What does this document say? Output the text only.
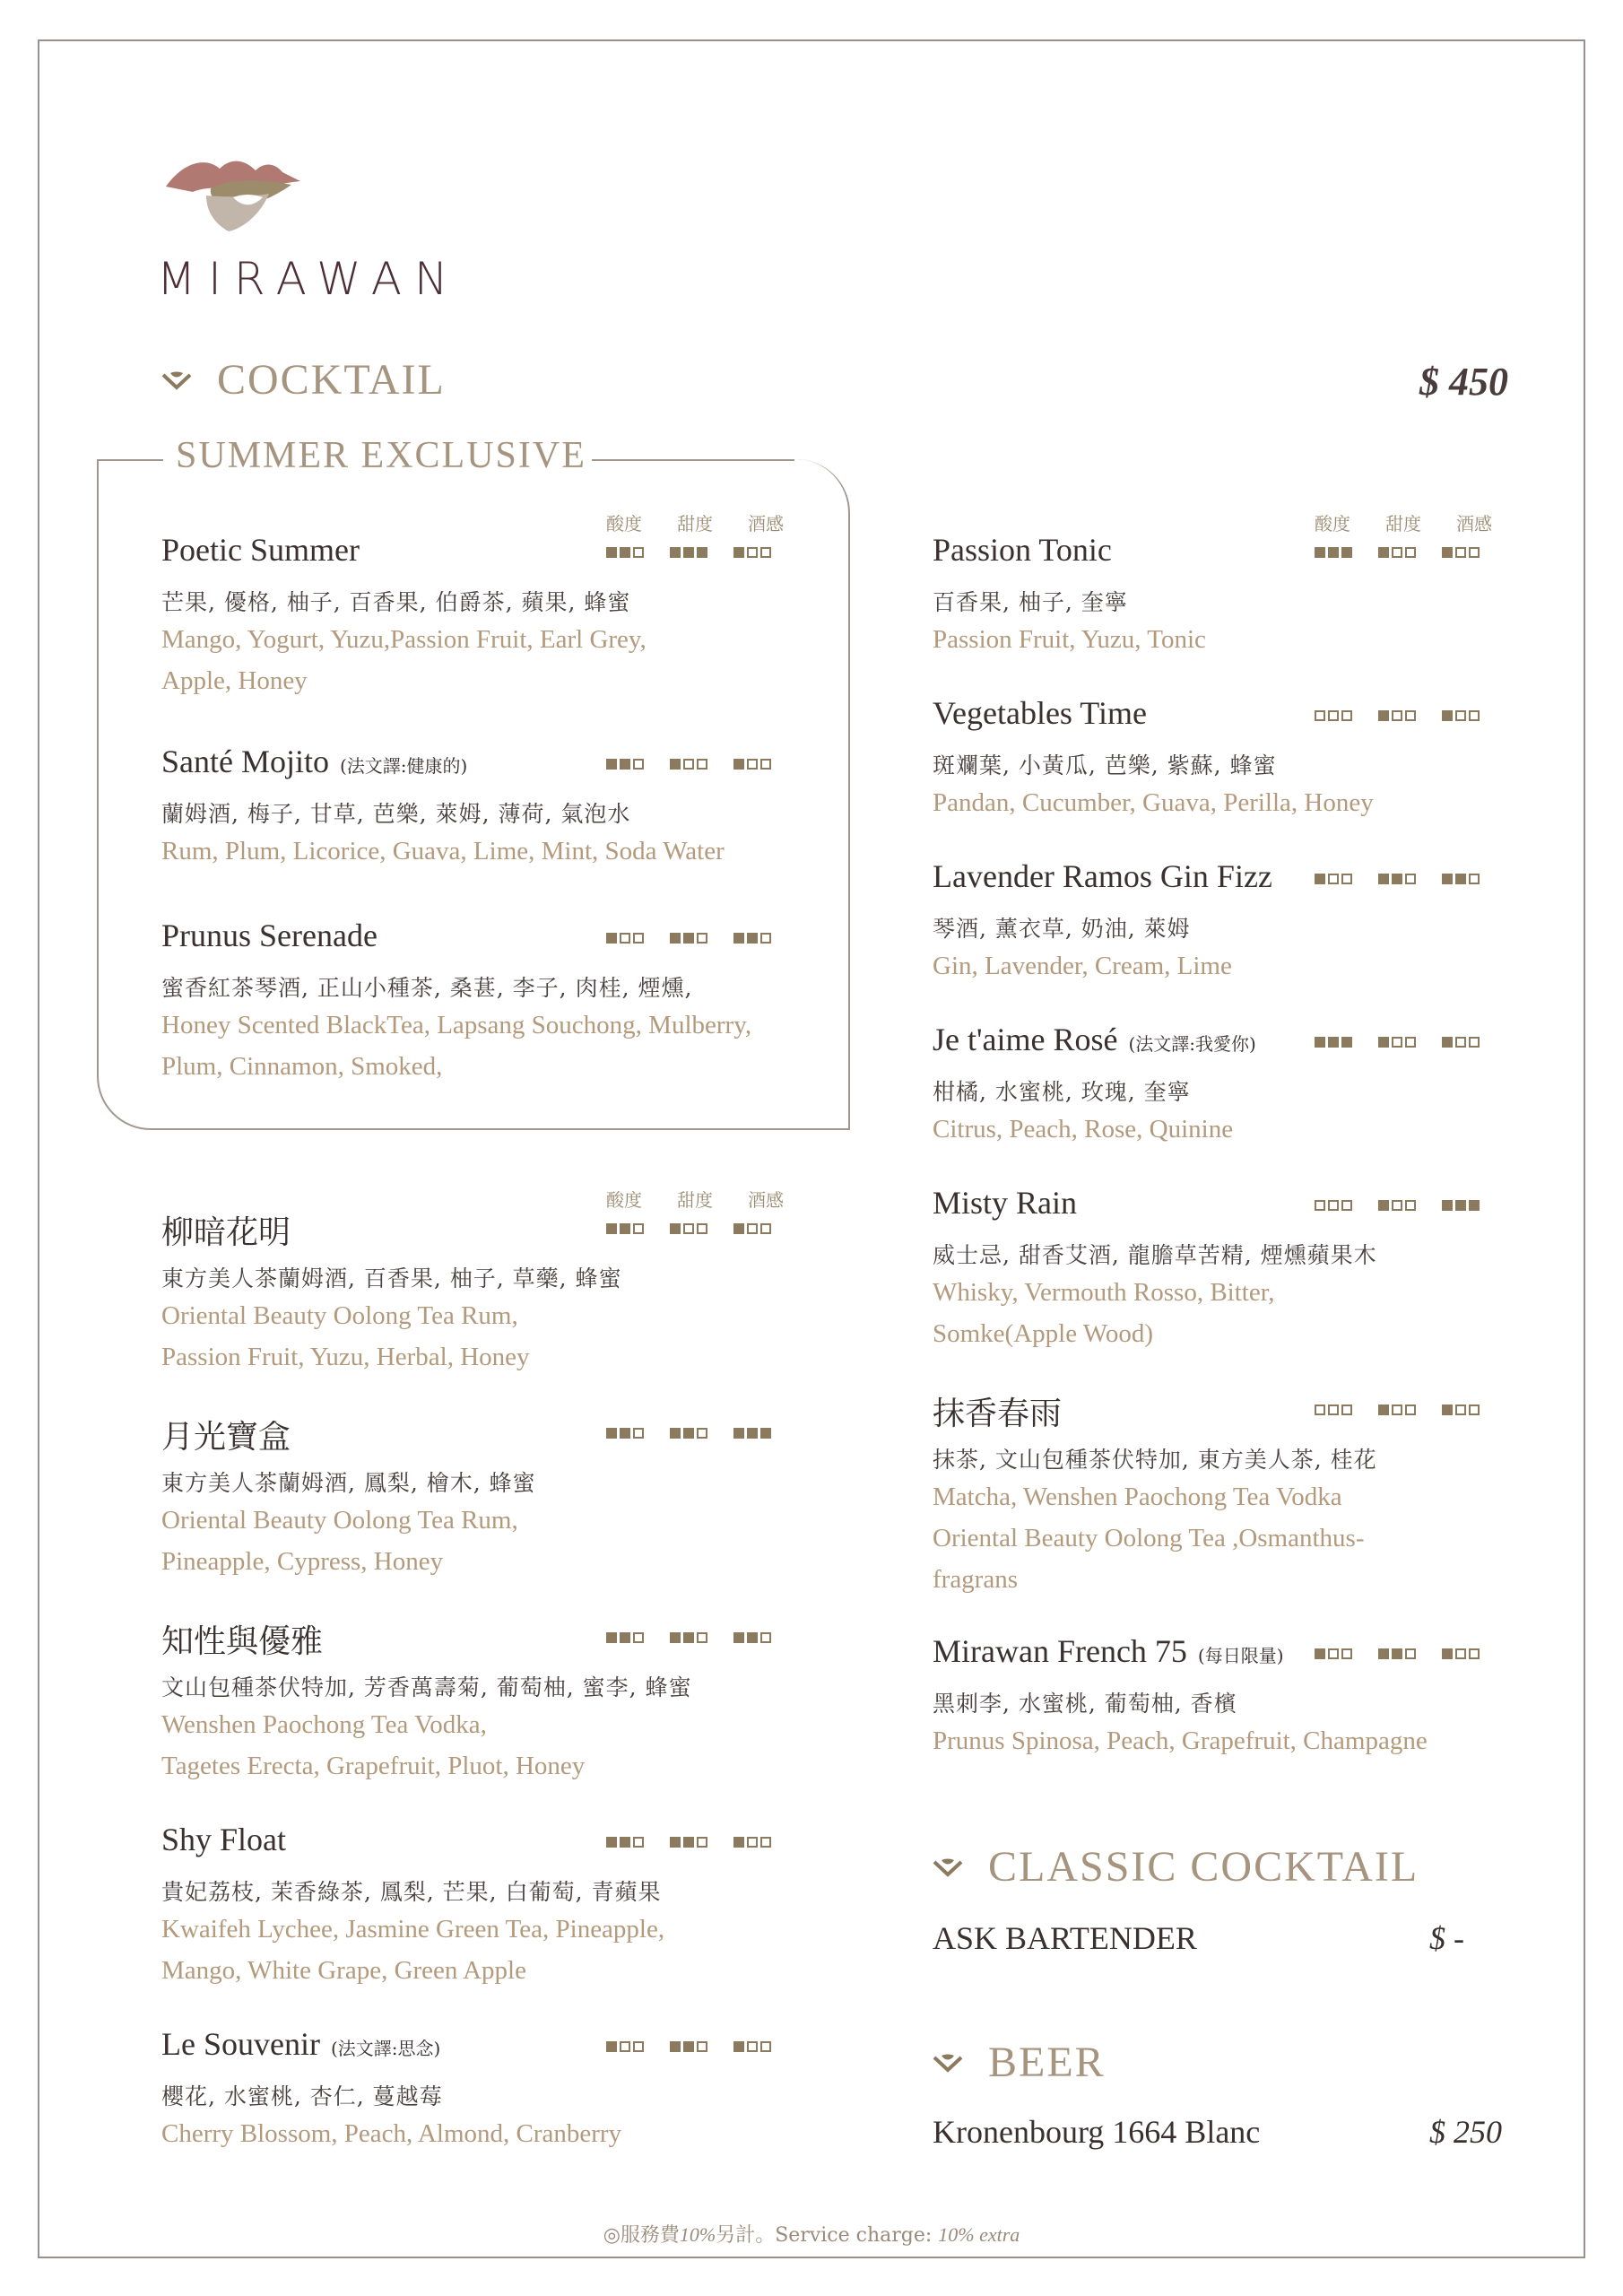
MIRAWAN
COCKTAIL	$ 450
SUMMER EXCLUSIVE
酸度	甜度	酒感	酸度	甜度	酒感
酸度	甜度	酒感
Poetic Summer
芒果, 優格, 柚子, 百香果, 伯爵茶, 蘋果, 蜂蜜
Mango, Yogurt, Yuzu,Passion Fruit, Earl Grey,
Apple, Honey
Santé Mojito (法文譯:健康的)
蘭姆酒, 梅子, 甘草, 芭樂, 萊姆, 薄荷, 氣泡水
Rum, Plum, Licorice, Guava, Lime, Mint, Soda Water
Prunus Serenade
蜜香紅茶琴酒, 正山小種茶, 桑葚, 李子, 肉桂, 煙燻,
Honey Scented BlackTea, Lapsang Souchong, Mulberry,
Plum, Cinnamon, Smoked,
柳暗花明
東方美人茶蘭姆酒, 百香果, 柚子, 草藥, 蜂蜜
Oriental Beauty Oolong Tea Rum,
Passion Fruit, Yuzu, Herbal, Honey
月光寶盒
東方美人茶蘭姆酒, 鳳梨, 檜木, 蜂蜜
Oriental Beauty Oolong Tea Rum,
Pineapple, Cypress, Honey
知性與優雅
文山包種茶伏特加, 芳香萬壽菊, 葡萄柚, 蜜李, 蜂蜜
Wenshen Paochong Tea Vodka,
Tagetes Erecta, Grapefruit, Pluot, Honey
Shy Float
貴妃荔枝, 茉香綠茶, 鳳梨, 芒果, 白葡萄, 青蘋果
Kwaifeh Lychee, Jasmine Green Tea, Pineapple,
Mango, White Grape, Green Apple
Le Souvenir (法文譯:思念)
櫻花, 水蜜桃, 杏仁, 蔓越莓
Cherry Blossom, Peach, Almond, Cranberry
Passion Tonic
百香果, 柚子, 奎寧
Passion Fruit, Yuzu, Tonic
Vegetables Time
斑斕葉, 小黃瓜, 芭樂, 紫蘇, 蜂蜜
Pandan, Cucumber, Guava, Perilla, Honey
Lavender Ramos Gin Fizz
琴酒, 薰衣草, 奶油, 萊姆
Gin, Lavender, Cream, Lime
Je t'aime Rosé (法文譯:我愛你)
柑橘, 水蜜桃, 玫瑰, 奎寧
Citrus, Peach, Rose, Quinine
Misty Rain
威士忌, 甜香艾酒, 龍膽草苦精, 煙燻蘋果木
Whisky, Vermouth Rosso, Bitter,
Somke(Apple Wood)
抹香春雨
抹茶, 文山包種茶伏特加, 東方美人茶, 桂花
Matcha, Wenshen Paochong Tea Vodka
Oriental Beauty Oolong Tea ,Osmanthus-
fragrans
Mirawan French 75 (每日限量)
黑刺李, 水蜜桃, 葡萄柚, 香檳
Prunus Spinosa, Peach, Grapefruit, Champagne
CLASSIC COCKTAIL
ASK BARTENDER	$ -
BEER
Kronenbourg 1664 Blanc	$ 250
◎服務費10%另計。Service charge: 10% extra
